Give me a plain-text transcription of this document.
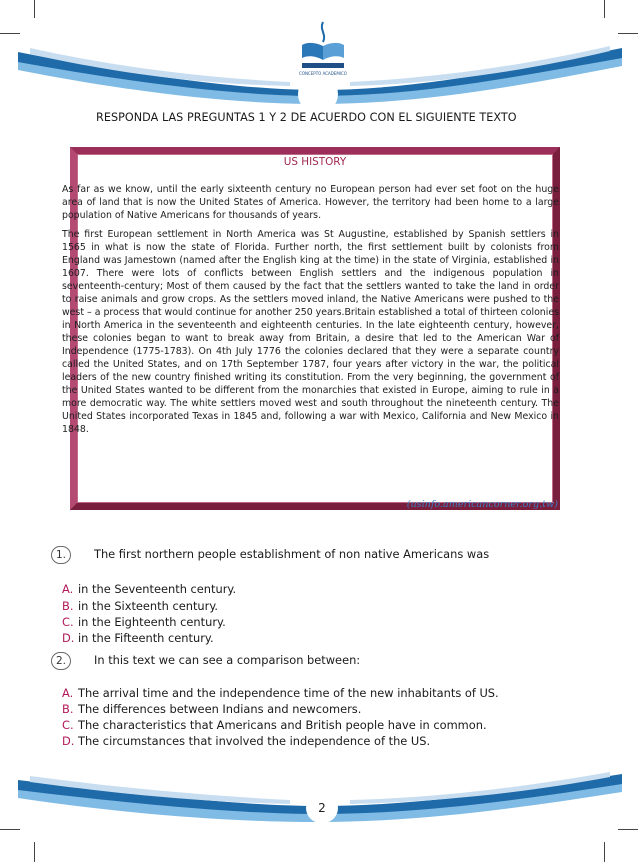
CONCEPTO ACADEMICO
RESPONDA LAS PREGUNTAS 1 Y 2 DE ACUERDO CON EL SIGUIENTE TEXTO
US HISTORY

As far as we know, until the early sixteenth century no European person had ever set foot on the huge area of land that is now the United States of America. However, the territory had been home to a large population of Native Americans for thousands of years.

The first European settlement in North America was St Augustine, established by Spanish settlers in 1565 in what is now the state of Florida. Further north, the first settlement built by colonists from England was Jamestown (named after the English king at the time) in the state of Virginia, established in 1607. There were lots of conflicts between English settlers and the indigenous population in seventeenth-century; Most of them caused by the fact that the settlers wanted to take the land in order to raise animals and grow crops. As the settlers moved inland, the Native Americans were pushed to the west – a process that would continue for another 250 years.Britain established a total of thirteen colonies in North America in the seventeenth and eighteenth centuries. In the late eighteenth century, however, these colonies began to want to break away from Britain, a desire that led to the American War of Independence (1775-1783). On 4th July 1776 the colonies declared that they were a separate country called the United States, and on 17th September 1787, four years after victory in the war, the political leaders of the new country finished writing its constitution. From the very beginning, the government of the United States wanted to be different from the monarchies that existed in Europe, aiming to rule in a more democratic way. The white settlers moved west and south throughout the nineteenth century. The United States incorporated Texas in 1845 and, following a war with Mexico, California and New Mexico in 1848.

(usinfo.americancorner.org.tw)
1.	The first northern people establishment of non native Americans was
A. in the Seventeenth century.
B. in the Sixteenth century.
C. in the Eighteenth century.
D. in the Fifteenth century.
2.	In this text we can see a comparison between:
A. The arrival time and the independence time of the new inhabitants of US.
B. The differences between Indians and newcomers.
C. The characteristics that Americans and British people have in common.
D. The circumstances that involved the independence of the US.
2
